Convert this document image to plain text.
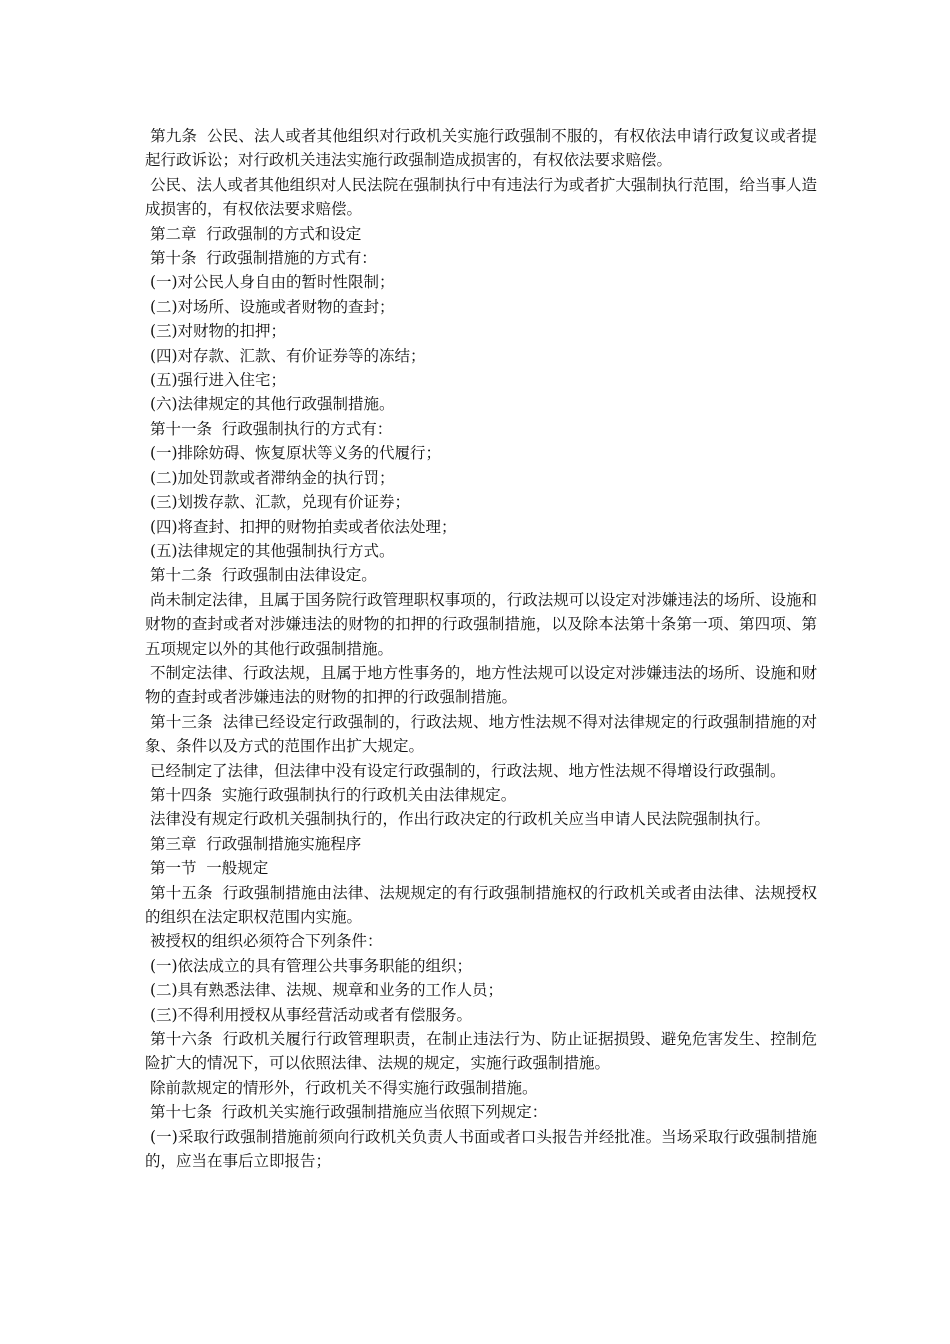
第九条  公民、法人或者其他组织对行政机关实施行政强制不服的，有权依法申请行政复议或者提起行政诉讼；对行政机关违法实施行政强制造成损害的，有权依法要求赔偿。

公民、法人或者其他组织对人民法院在强制执行中有违法行为或者扩大强制执行范围，给当事人造成损害的，有权依法要求赔偿。

第二章  行政强制的方式和设定

第十条  行政强制措施的方式有：

(一)对公民人身自由的暂时性限制；

(二)对场所、设施或者财物的查封；

(三)对财物的扣押；

(四)对存款、汇款、有价证券等的冻结；

(五)强行进入住宅；

(六)法律规定的其他行政强制措施。

第十一条  行政强制执行的方式有：

(一)排除妨碍、恢复原状等义务的代履行；

(二)加处罚款或者滞纳金的执行罚；

(三)划拨存款、汇款，兑现有价证券；

(四)将查封、扣押的财物拍卖或者依法处理；

(五)法律规定的其他强制执行方式。

第十二条  行政强制由法律设定。

尚未制定法律，且属于国务院行政管理职权事项的，行政法规可以设定对涉嫌违法的场所、设施和财物的查封或者对涉嫌违法的财物的扣押的行政强制措施，以及除本法第十条第一项、第四项、第五项规定以外的其他行政强制措施。

不制定法律、行政法规，且属于地方性事务的，地方性法规可以设定对涉嫌违法的场所、设施和财物的查封或者涉嫌违法的财物的扣押的行政强制措施。

第十三条  法律已经设定行政强制的，行政法规、地方性法规不得对法律规定的行政强制措施的对象、条件以及方式的范围作出扩大规定。

已经制定了法律，但法律中没有设定行政强制的，行政法规、地方性法规不得增设行政强制。

第十四条  实施行政强制执行的行政机关由法律规定。

法律没有规定行政机关强制执行的，作出行政决定的行政机关应当申请人民法院强制执行。

第三章  行政强制措施实施程序

第一节  一般规定

第十五条  行政强制措施由法律、法规规定的有行政强制措施权的行政机关或者由法律、法规授权的组织在法定职权范围内实施。

被授权的组织必须符合下列条件：

(一)依法成立的具有管理公共事务职能的组织；

(二)具有熟悉法律、法规、规章和业务的工作人员；

(三)不得利用授权从事经营活动或者有偿服务。

第十六条  行政机关履行行政管理职责，在制止违法行为、防止证据损毁、避免危害发生、控制危险扩大的情况下，可以依照法律、法规的规定，实施行政强制措施。

除前款规定的情形外，行政机关不得实施行政强制措施。

第十七条  行政机关实施行政强制措施应当依照下列规定：

(一)采取行政强制措施前须向行政机关负责人书面或者口头报告并经批准。当场采取行政强制措施的，应当在事后立即报告；
